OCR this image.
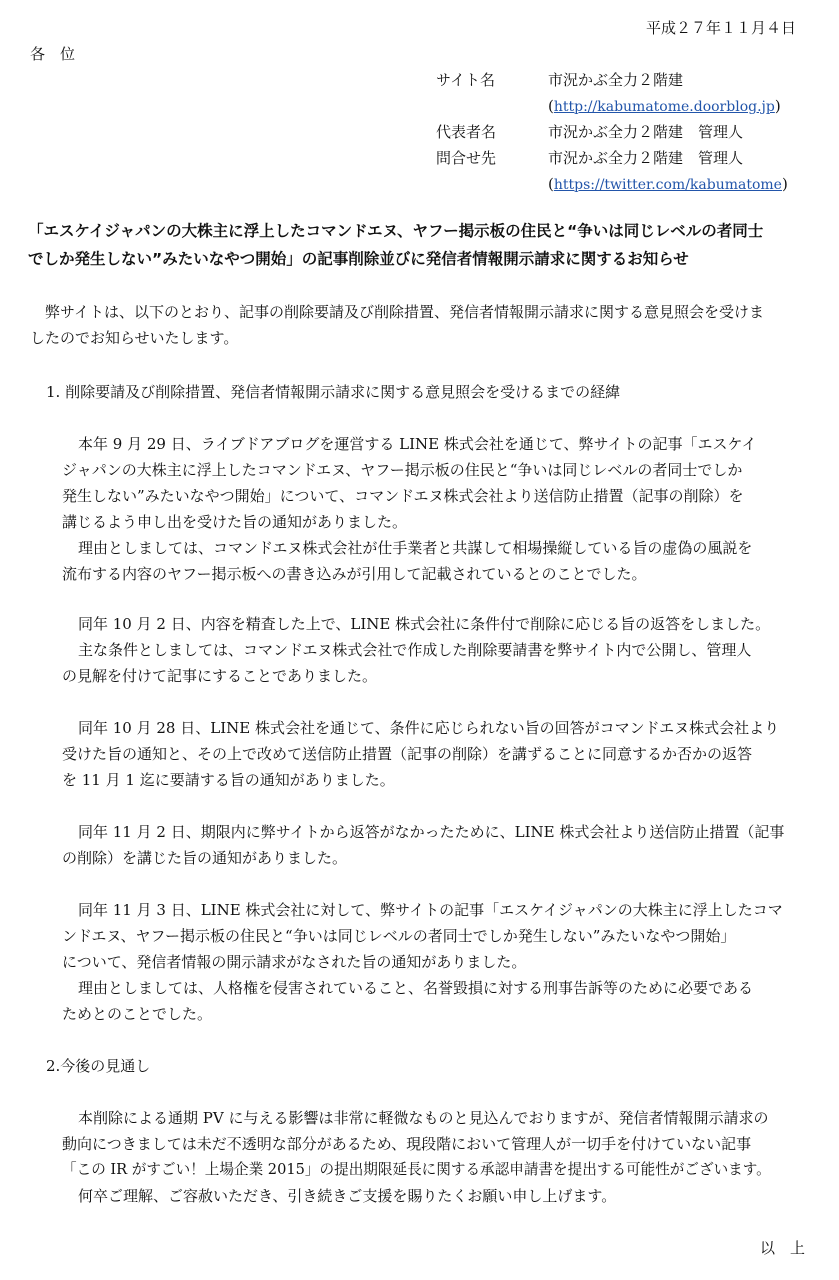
平成２７年１１月４日
各　位
サイト名	市況かぶ全力２階建
(http://kabumatome.doorblog.jp)
代表者名	市況かぶ全力２階建　管理人
問合せ先	市況かぶ全力２階建　管理人
(https://twitter.com/kabumatome)
「エスケイジャパンの大株主に浮上したコマンドエヌ、ヤフー掲示板の住民と“争いは同じレベルの者同士
でしか発生しない”みたいなやつ開始」の記事削除並びに発信者情報開示請求に関するお知らせ
弊サイトは、以下のとおり、記事の削除要請及び削除措置、発信者情報開示請求に関する意見照会を受けま
したのでお知らせいたします。
1. 削除要請及び削除措置、発信者情報開示請求に関する意見照会を受けるまでの経緯
本年 9 月 29 日、ライブドアブログを運営する LINE 株式会社を通じて、弊サイトの記事「エスケイ
ジャパンの大株主に浮上したコマンドエヌ、ヤフー掲示板の住民と“争いは同じレベルの者同士でしか
発生しない”みたいなやつ開始」について、コマンドエヌ株式会社より送信防止措置（記事の削除）を
講じるよう申し出を受けた旨の通知がありました。
理由としましては、コマンドエヌ株式会社が仕手業者と共謀して相場操縦している旨の虚偽の風説を
流布する内容のヤフー掲示板への書き込みが引用して記載されているとのことでした。
同年 10 月 2 日、内容を精査した上で、LINE 株式会社に条件付で削除に応じる旨の返答をしました。
主な条件としましては、コマンドエヌ株式会社で作成した削除要請書を弊サイト内で公開し、管理人
の見解を付けて記事にすることでありました。
同年 10 月 28 日、LINE 株式会社を通じて、条件に応じられない旨の回答がコマンドエヌ株式会社より
受けた旨の通知と、その上で改めて送信防止措置（記事の削除）を講ずることに同意するか否かの返答
を 11 月 1 迄に要請する旨の通知がありました。
同年 11 月 2 日、期限内に弊サイトから返答がなかったために、LINE 株式会社より送信防止措置（記事
の削除）を講じた旨の通知がありました。
同年 11 月 3 日、LINE 株式会社に対して、弊サイトの記事「エスケイジャパンの大株主に浮上したコマ
ンドエヌ、ヤフー掲示板の住民と“争いは同じレベルの者同士でしか発生しない”みたいなやつ開始」
について、発信者情報の開示請求がなされた旨の通知がありました。
理由としましては、人格権を侵害されていること、名誉毀損に対する刑事告訴等のために必要である
ためとのことでした。
2.今後の見通し
本削除による通期 PV に与える影響は非常に軽微なものと見込んでおりますが、発信者情報開示請求の
動向につきましては未だ不透明な部分があるため、現段階において管理人が一切手を付けていない記事
「この IR がすごい！上場企業 2015」の提出期限延長に関する承認申請書を提出する可能性がございます。
何卒ご理解、ご容赦いただき、引き続きご支援を賜りたくお願い申し上げます。
以　上
